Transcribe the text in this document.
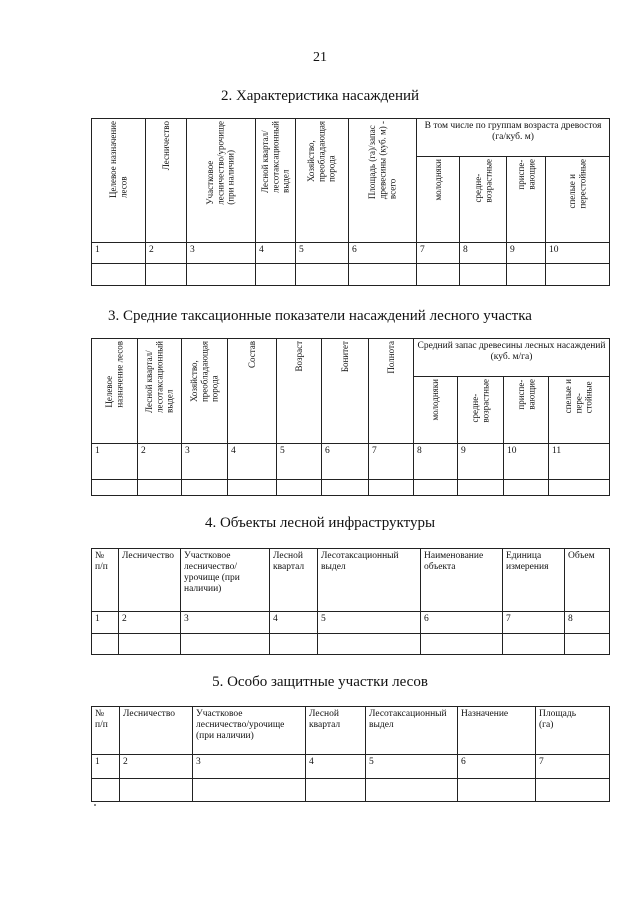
21
2. Характеристика насаждений
Целевое назначение
лесов	Лесничество	Участковое
лесничество/урочище
(при наличии)	Лесной квартал/
лесотаксационный
выдел	Хозяйство,
преобладающая
порода	Площадь (га)/запас
древесины (куб. м) -
всего	В том числе по группам возраста древостоя (га/куб. м)			

						молодняки	средне-
возрастные	приспе-
вающие	спелые и
перестойные

1	2	3	4	5	6	7	8	9	10

3. Средние таксационные показатели насаждений лесного участка
Целевое
назначение лесов	Лесной квартал/
лесотаксационный
выдел	Хозяйство,
преобладающая
порода	Состав	Возраст	Бонитет	Полнота	Средний запас древесины лесных насаждений (куб. м/га)			

							молодняки	средне-
возрастные	приспе-
вающие	спелые и
пере-
стойные

1	2	3	4	5	6	7	8	9	10	11

4. Объекты лесной инфраструктуры
№
п/п	Лесничество	Участковое
лесничество/
урочище (при
наличии)	Лесной
квартал	Лесотаксационный
выдел	Наименование
объекта	Единица
измерения	Объем

1	2	3	4	5	6	7	8

5. Особо защитные участки лесов
№
п/п	Лесничество	Участковое
лесничество/урочище
(при наличии)	Лесной
квартал	Лесотаксационный
выдел	Назначение	Площадь
(га)

1	2	3	4	5	6	7
